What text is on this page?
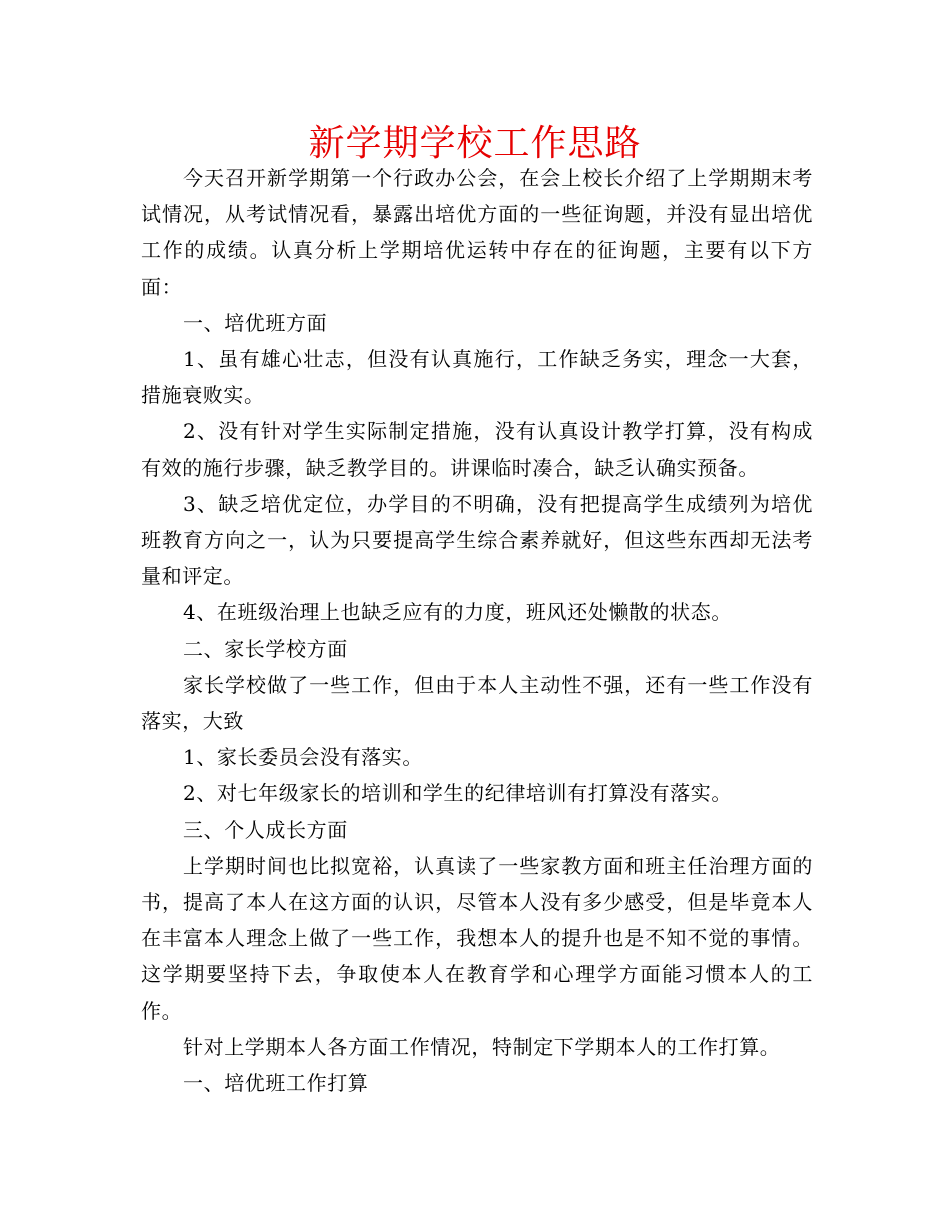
新学期学校工作思路

今天召开新学期第一个行政办公会，在会上校长介绍了上学期期末考试情况，从考试情况看，暴露出培优方面的一些征询题，并没有显出培优工作的成绩。认真分析上学期培优运转中存在的征询题，主要有以下方面：

一、培优班方面

1、虽有雄心壮志，但没有认真施行，工作缺乏务实，理念一大套，措施衰败实。

2、没有针对学生实际制定措施，没有认真设计教学打算，没有构成有效的施行步骤，缺乏教学目的。讲课临时凑合，缺乏认确实预备。

3、缺乏培优定位，办学目的不明确，没有把提高学生成绩列为培优班教育方向之一，认为只要提高学生综合素养就好，但这些东西却无法考量和评定。

4、在班级治理上也缺乏应有的力度，班风还处懒散的状态。

二、家长学校方面

家长学校做了一些工作，但由于本人主动性不强，还有一些工作没有落实，大致

1、家长委员会没有落实。

2、对七年级家长的培训和学生的纪律培训有打算没有落实。

三、个人成长方面

上学期时间也比拟宽裕，认真读了一些家教方面和班主任治理方面的书，提高了本人在这方面的认识，尽管本人没有多少感受，但是毕竟本人在丰富本人理念上做了一些工作，我想本人的提升也是不知不觉的事情。这学期要坚持下去，争取使本人在教育学和心理学方面能习惯本人的工作。

针对上学期本人各方面工作情况，特制定下学期本人的工作打算。

一、培优班工作打算
